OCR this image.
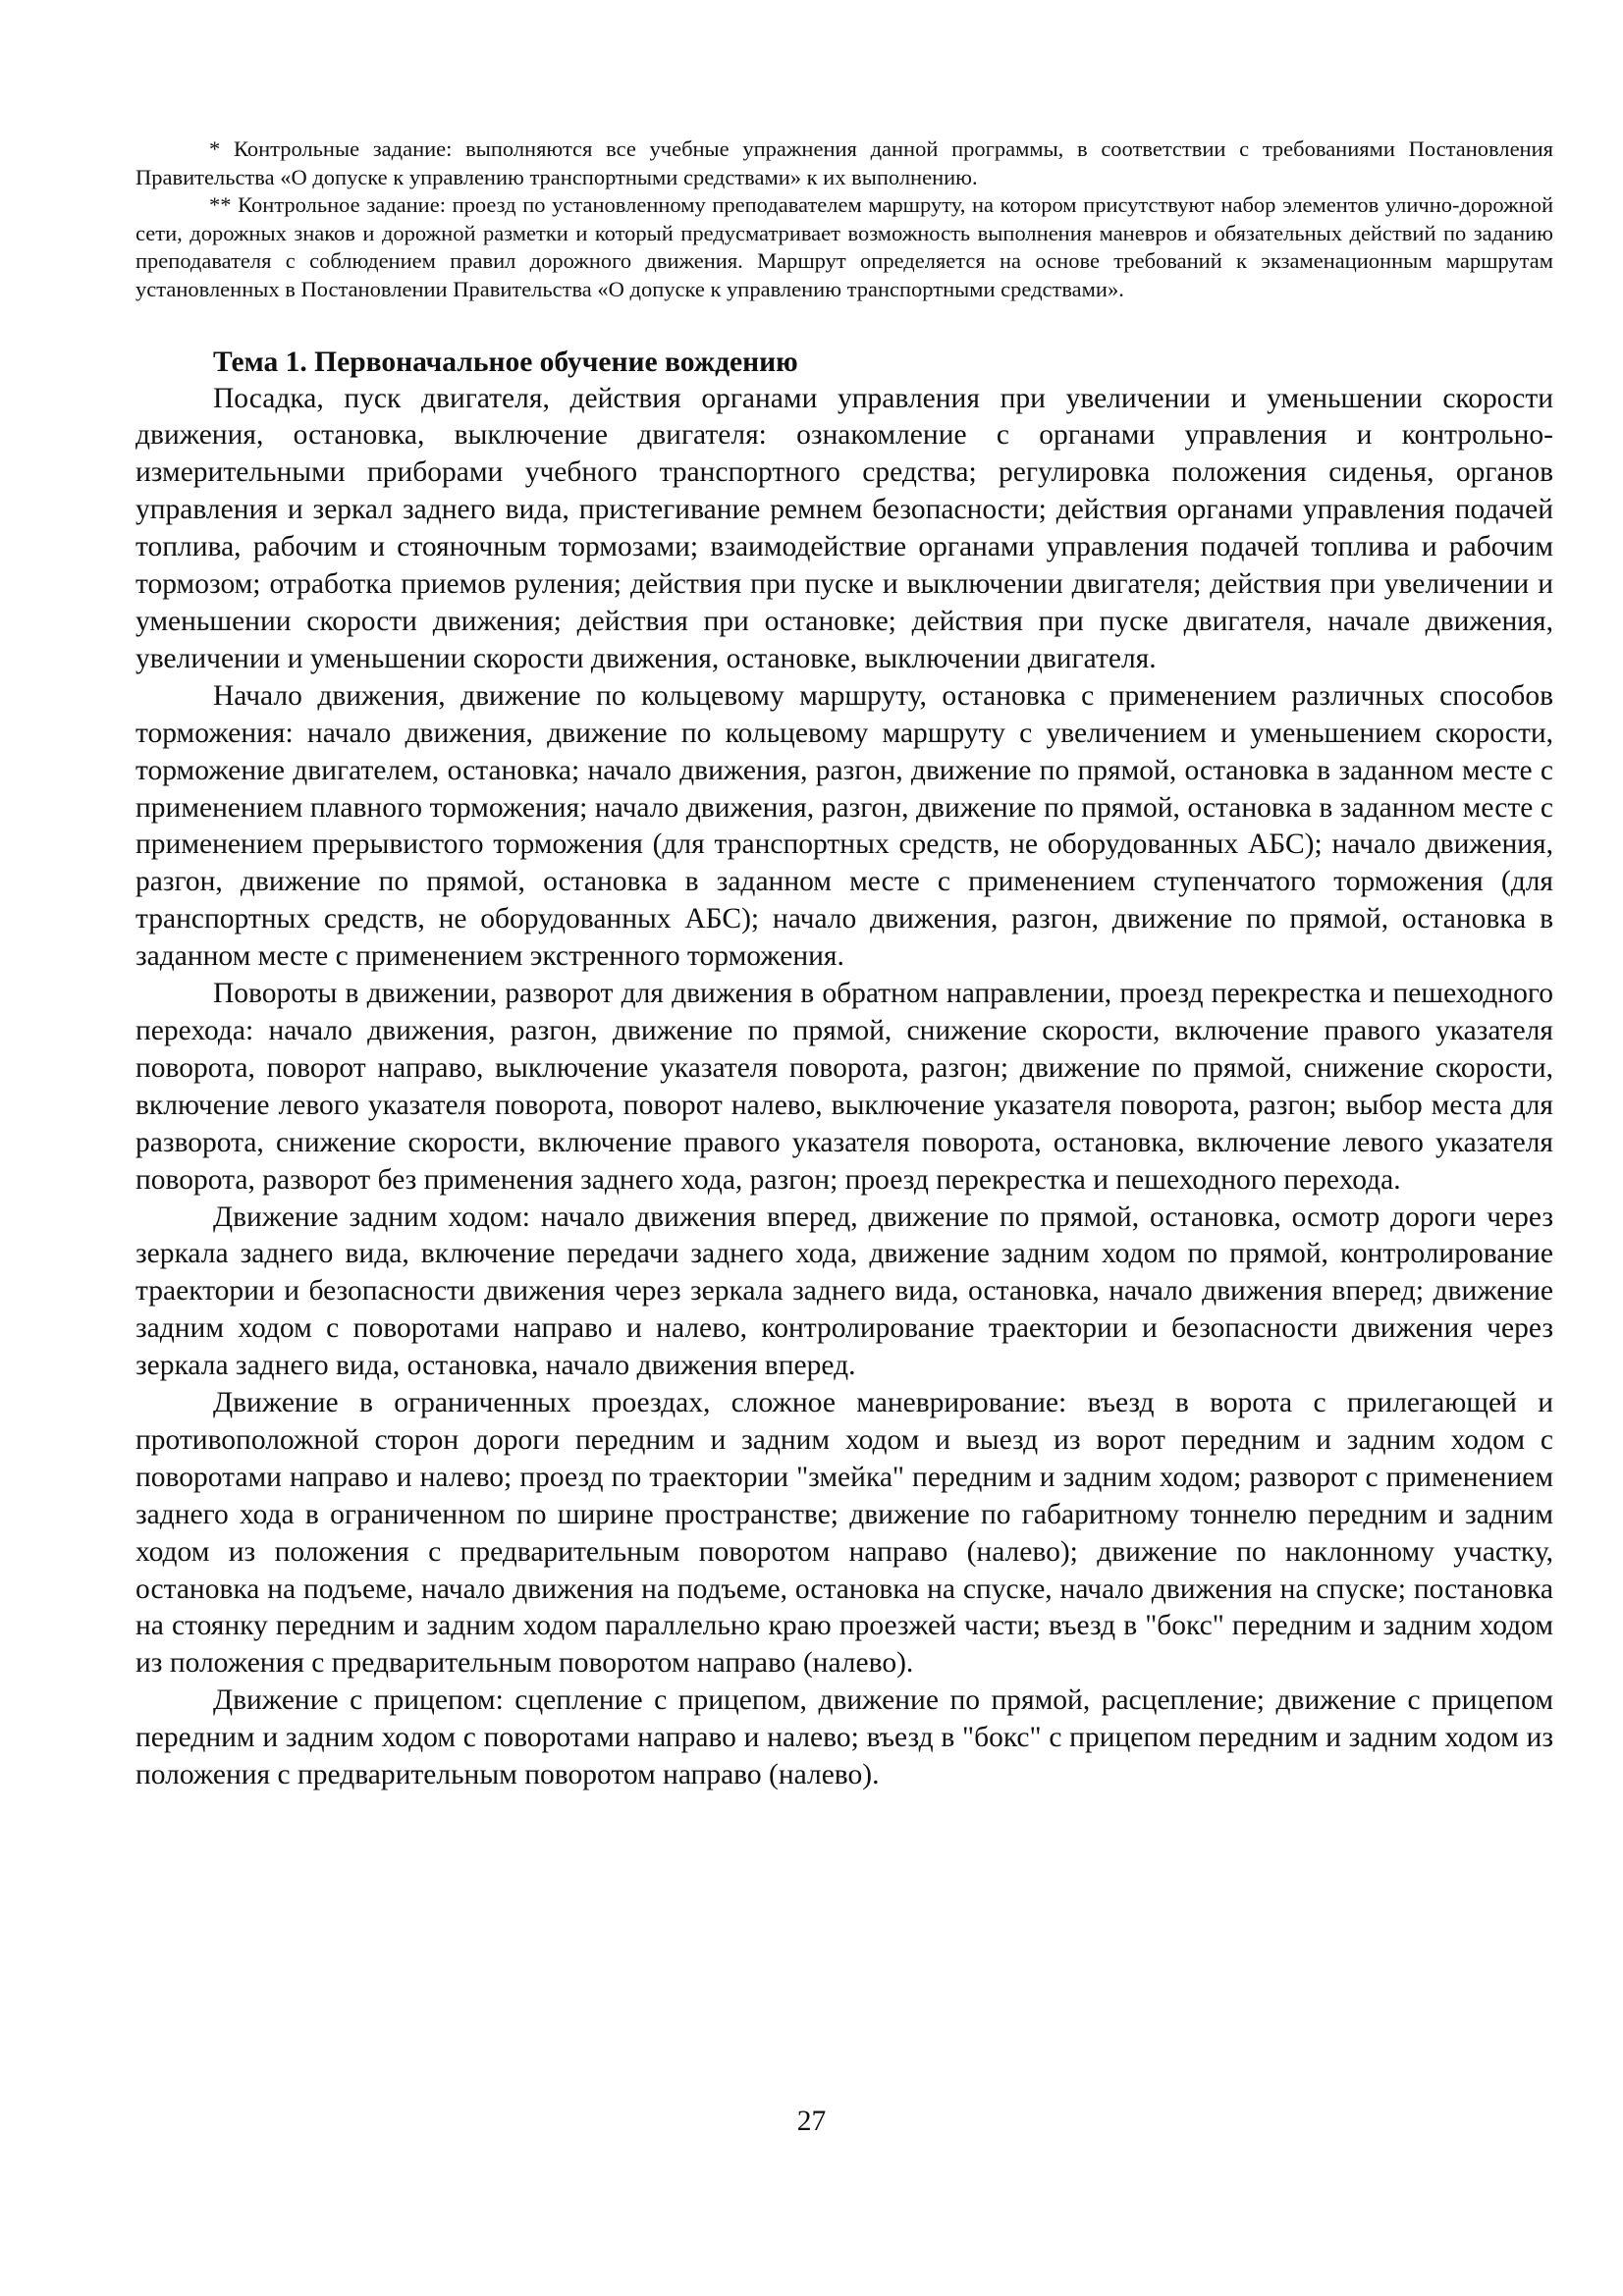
* Контрольные задание: выполняются все учебные упражнения данной программы, в соответствии с требованиями Постановления Правительства «О допуске к управлению транспортными средствами» к их выполнению.

** Контрольное задание: проезд по установленному преподавателем маршруту, на котором присутствуют набор элементов улично-дорожной сети, дорожных знаков и дорожной разметки и который предусматривает возможность выполнения маневров и обязательных действий по заданию преподавателя с соблюдением правил дорожного движения. Маршрут определяется на основе требований к экзаменационным маршрутам установленных в Постановлении Правительства «О допуске к управлению транспортными средствами».

Тема 1. Первоначальное обучение вождению

Посадка, пуск двигателя, действия органами управления при увеличении и уменьшении скорости движения, остановка, выключение двигателя: ознакомление с органами управления и контрольно-измерительными приборами учебного транспортного средства; регулировка положения сиденья, органов управления и зеркал заднего вида, пристегивание ремнем безопасности; действия органами управления подачей топлива, рабочим и стояночным тормозами; взаимодействие органами управления подачей топлива и рабочим тормозом; отработка приемов руления; действия при пуске и выключении двигателя; действия при увеличении и уменьшении скорости движения; действия при остановке; действия при пуске двигателя, начале движения, увеличении и уменьшении скорости движения, остановке, выключении двигателя.

Начало движения, движение по кольцевому маршруту, остановка с применением различных способов торможения: начало движения, движение по кольцевому маршруту с увеличением и уменьшением скорости, торможение двигателем, остановка; начало движения, разгон, движение по прямой, остановка в заданном месте с применением плавного торможения; начало движения, разгон, движение по прямой, остановка в заданном месте с применением прерывистого торможения (для транспортных средств, не оборудованных АБС); начало движения, разгон, движение по прямой, остановка в заданном месте с применением ступенчатого торможения (для транспортных средств, не оборудованных АБС); начало движения, разгон, движение по прямой, остановка в заданном месте с применением экстренного торможения.

Повороты в движении, разворот для движения в обратном направлении, проезд перекрестка и пешеходного перехода: начало движения, разгон, движение по прямой, снижение скорости, включение правого указателя поворота, поворот направо, выключение указателя поворота, разгон; движение по прямой, снижение скорости, включение левого указателя поворота, поворот налево, выключение указателя поворота, разгон; выбор места для разворота, снижение скорости, включение правого указателя поворота, остановка, включение левого указателя поворота, разворот без применения заднего хода, разгон; проезд перекрестка и пешеходного перехода.

Движение задним ходом: начало движения вперед, движение по прямой, остановка, осмотр дороги через зеркала заднего вида, включение передачи заднего хода, движение задним ходом по прямой, контролирование траектории и безопасности движения через зеркала заднего вида, остановка, начало движения вперед; движение задним ходом с поворотами направо и налево, контролирование траектории и безопасности движения через зеркала заднего вида, остановка, начало движения вперед.

Движение в ограниченных проездах, сложное маневрирование: въезд в ворота с прилегающей и противоположной сторон дороги передним и задним ходом и выезд из ворот передним и задним ходом с поворотами направо и налево; проезд по траектории "змейка" передним и задним ходом; разворот с применением заднего хода в ограниченном по ширине пространстве; движение по габаритному тоннелю передним и задним ходом из положения с предварительным поворотом направо (налево); движение по наклонному участку, остановка на подъеме, начало движения на подъеме, остановка на спуске, начало движения на спуске; постановка на стоянку передним и задним ходом параллельно краю проезжей части; въезд в "бокс" передним и задним ходом из положения с предварительным поворотом направо (налево).

Движение с прицепом: сцепление с прицепом, движение по прямой, расцепление; движение с прицепом передним и задним ходом с поворотами направо и налево; въезд в "бокс" с прицепом передним и задним ходом из положения с предварительным поворотом направо (налево).

27
